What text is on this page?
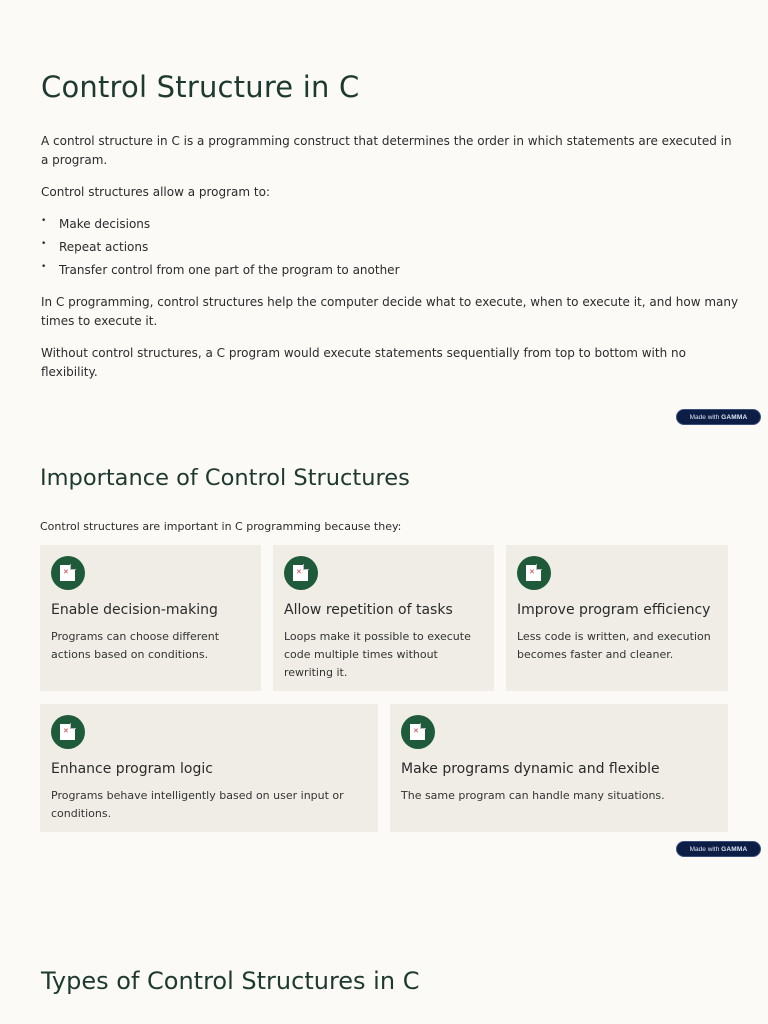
Control Structure in C

A control structure in C is a programming construct that determines the order in which statements are executed in a program.

Control structures allow a program to:

• Make decisions
• Repeat actions
• Transfer control from one part of the program to another

In C programming, control structures help the computer decide what to execute, when to execute it, and how many times to execute it.

Without control structures, a C program would execute statements sequentially from top to bottom with no flexibility.

Made with GAMMA
Importance of Control Structures
Control structures are important in C programming because they:
✕
Enable decision-making

Programs can choose different actions based on conditions.

✕
Allow repetition of tasks

Loops make it possible to execute code multiple times without rewriting it.

✕
Improve program efficiency

Less code is written, and execution becomes faster and cleaner.

✕
Enhance program logic

Programs behave intelligently based on user input or conditions.

✕
Make programs dynamic and flexible

The same program can handle many situations.

Made with GAMMA
Types of Control Structures in C
